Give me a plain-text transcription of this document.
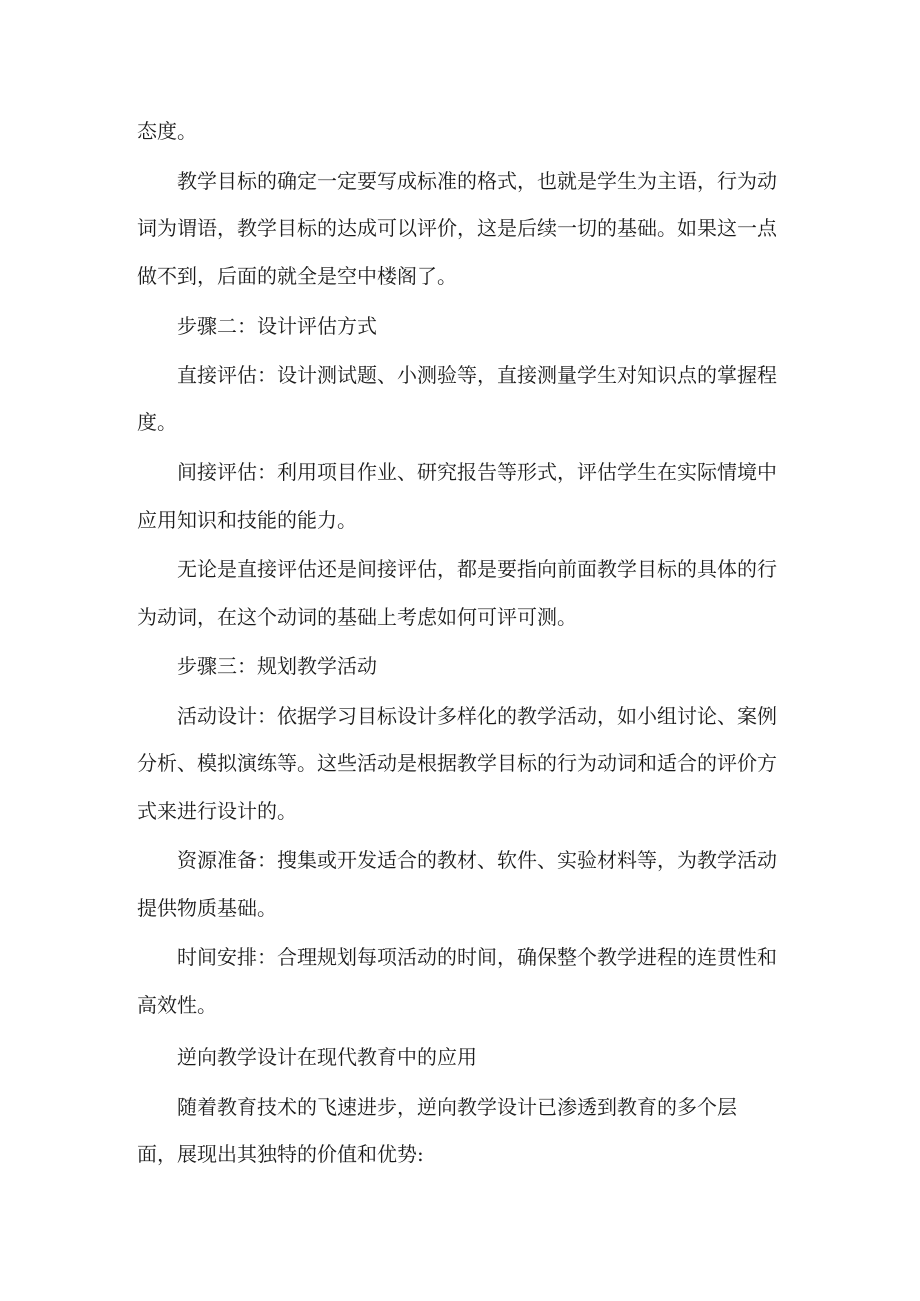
态度。

教学目标的确定一定要写成标准的格式，也就是学生为主语，行为动

词为谓语，教学目标的达成可以评价，这是后续一切的基础。如果这一点

做不到，后面的就全是空中楼阁了。

步骤二：设计评估方式

直接评估：设计测试题、小测验等，直接测量学生对知识点的掌握程

度。

间接评估：利用项目作业、研究报告等形式，评估学生在实际情境中

应用知识和技能的能力。

无论是直接评估还是间接评估，都是要指向前面教学目标的具体的行

为动词，在这个动词的基础上考虑如何可评可测。

步骤三：规划教学活动

活动设计：依据学习目标设计多样化的教学活动，如小组讨论、案例

分析、模拟演练等。这些活动是根据教学目标的行为动词和适合的评价方

式来进行设计的。

资源准备：搜集或开发适合的教材、软件、实验材料等，为教学活动

提供物质基础。

时间安排：合理规划每项活动的时间，确保整个教学进程的连贯性和

高效性。

逆向教学设计在现代教育中的应用

随着教育技术的飞速进步，逆向教学设计已渗透到教育的多个层

面，展现出其独特的价值和优势:
